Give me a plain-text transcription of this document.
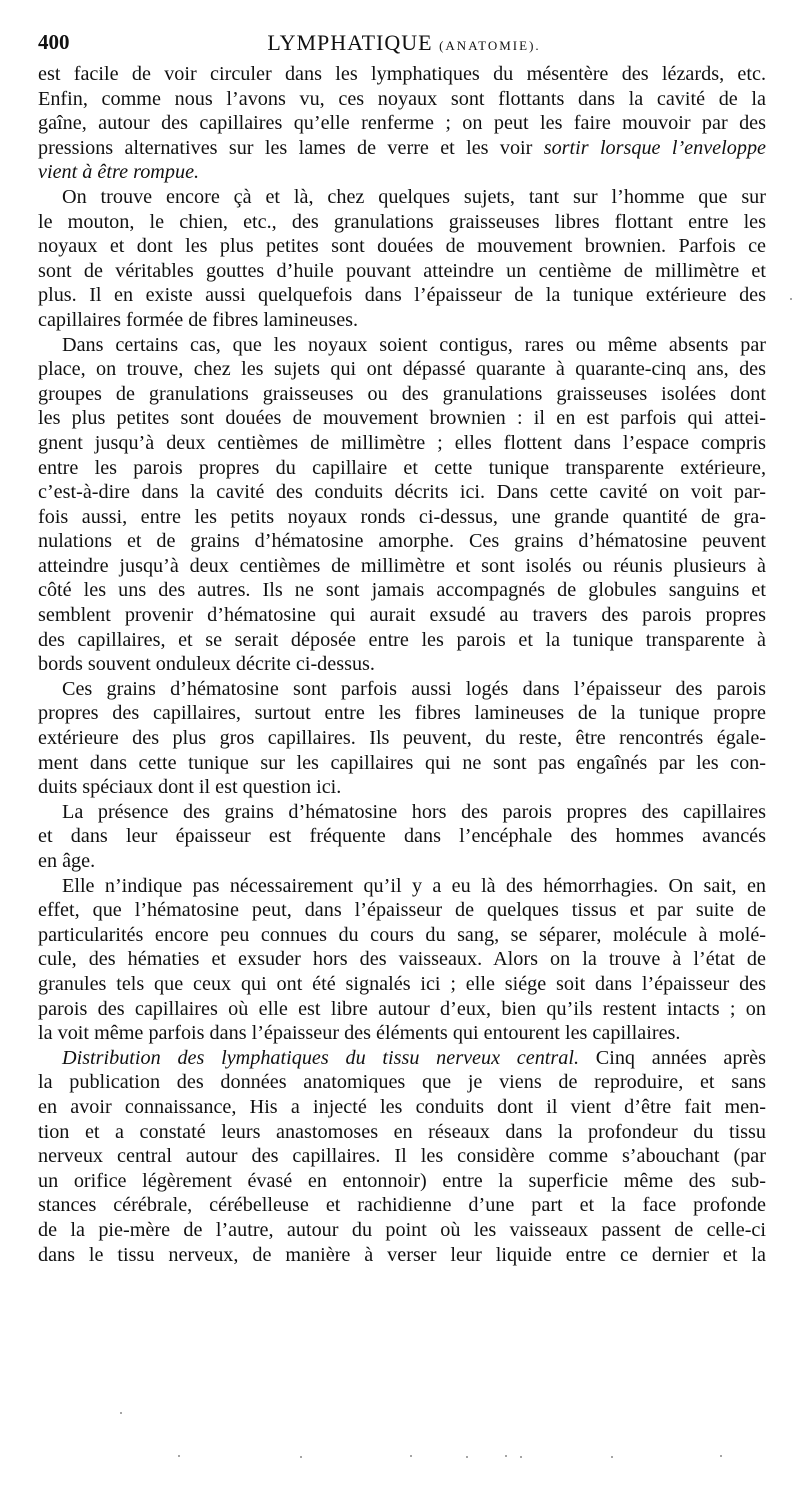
400	LYMPHATIQUE (ANATOMIE).
est facile de voir circuler dans les lymphatiques du mésentère des lézards, etc.
Enfin, comme nous l’avons vu, ces noyaux sont flottants dans la cavité de la
gaîne, autour des capillaires qu’elle renferme ; on peut les faire mouvoir par des
pressions alternatives sur les lames de verre et les voir sortir lorsque l’enveloppe
vient à être rompue.
On trouve encore çà et là, chez quelques sujets, tant sur l’homme que sur
le mouton, le chien, etc., des granulations graisseuses libres flottant entre les
noyaux et dont les plus petites sont douées de mouvement brownien. Parfois ce
sont de véritables gouttes d’huile pouvant atteindre un centième de millimètre et
plus. Il en existe aussi quelquefois dans l’épaisseur de la tunique extérieure des
capillaires formée de fibres lamineuses.
Dans certains cas, que les noyaux soient contigus, rares ou même absents par
place, on trouve, chez les sujets qui ont dépassé quarante à quarante-cinq ans, des
groupes de granulations graisseuses ou des granulations graisseuses isolées dont
les plus petites sont douées de mouvement brownien : il en est parfois qui attei-
gnent jusqu’à deux centièmes de millimètre ; elles flottent dans l’espace compris
entre les parois propres du capillaire et cette tunique transparente extérieure,
c’est-à-dire dans la cavité des conduits décrits ici. Dans cette cavité on voit par-
fois aussi, entre les petits noyaux ronds ci-dessus, une grande quantité de gra-
nulations et de grains d’hématosine amorphe. Ces grains d’hématosine peuvent
atteindre jusqu’à deux centièmes de millimètre et sont isolés ou réunis plusieurs à
côté les uns des autres. Ils ne sont jamais accompagnés de globules sanguins et
semblent provenir d’hématosine qui aurait exsudé au travers des parois propres
des capillaires, et se serait déposée entre les parois et la tunique transparente à
bords souvent onduleux décrite ci-dessus.
Ces grains d’hématosine sont parfois aussi logés dans l’épaisseur des parois
propres des capillaires, surtout entre les fibres lamineuses de la tunique propre
extérieure des plus gros capillaires. Ils peuvent, du reste, être rencontrés égale-
ment dans cette tunique sur les capillaires qui ne sont pas engaînés par les con-
duits spéciaux dont il est question ici.
La présence des grains d’hématosine hors des parois propres des capillaires
et dans leur épaisseur est fréquente dans l’encéphale des hommes avancés
en âge.
Elle n’indique pas nécessairement qu’il y a eu là des hémorrhagies. On sait, en
effet, que l’hématosine peut, dans l’épaisseur de quelques tissus et par suite de
particularités encore peu connues du cours du sang, se séparer, molécule à molé-
cule, des hématies et exsuder hors des vaisseaux. Alors on la trouve à l’état de
granules tels que ceux qui ont été signalés ici ; elle siége soit dans l’épaisseur des
parois des capillaires où elle est libre autour d’eux, bien qu’ils restent intacts ; on
la voit même parfois dans l’épaisseur des éléments qui entourent les capillaires.
Distribution des lymphatiques du tissu nerveux central. Cinq années après
la publication des données anatomiques que je viens de reproduire, et sans
en avoir connaissance, His a injecté les conduits dont il vient d’être fait men-
tion et a constaté leurs anastomoses en réseaux dans la profondeur du tissu
nerveux central autour des capillaires. Il les considère comme s’abouchant (par
un orifice légèrement évasé en entonnoir) entre la superficie même des sub-
stances cérébrale, cérébelleuse et rachidienne d’une part et la face profonde
de la pie-mère de l’autre, autour du point où les vaisseaux passent de celle-ci
dans le tissu nerveux, de manière à verser leur liquide entre ce dernier et la
